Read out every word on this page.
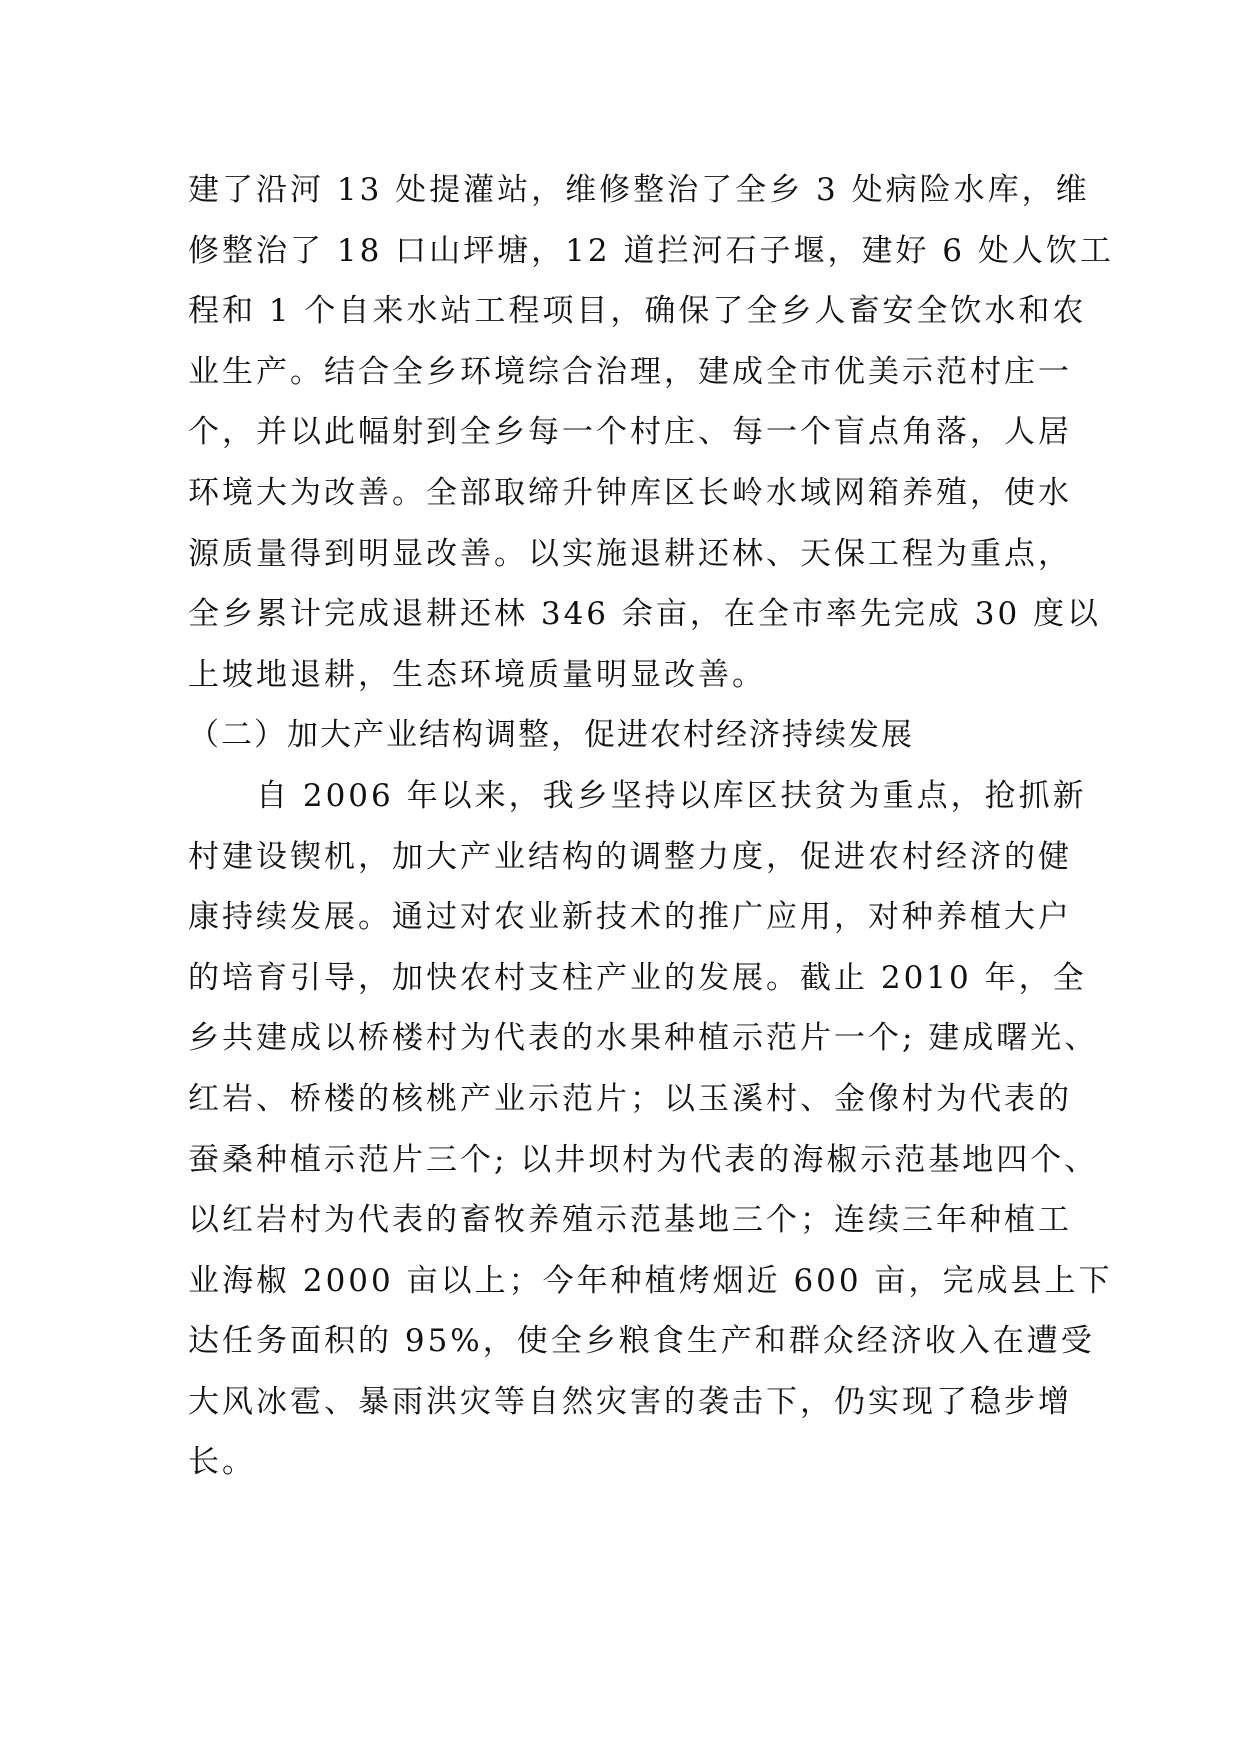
建了沿河 13 处提灌站，维修整治了全乡 3 处病险水库，维
修整治了 18 口山坪塘，12 道拦河石子堰，建好 6 处人饮工
程和 1 个自来水站工程项目，确保了全乡人畜安全饮水和农
业生产。结合全乡环境综合治理，建成全市优美示范村庄一
个，并以此幅射到全乡每一个村庄、每一个盲点角落，人居
环境大为改善。全部取缔升钟库区长岭水域网箱养殖，使水
源质量得到明显改善。以实施退耕还林、天保工程为重点，
全乡累计完成退耕还林 346 余亩，在全市率先完成 30 度以
上坡地退耕，生态环境质量明显改善。
（二）加大产业结构调整，促进农村经济持续发展
　　自 2006 年以来，我乡坚持以库区扶贫为重点，抢抓新
村建设锲机，加大产业结构的调整力度，促进农村经济的健
康持续发展。通过对农业新技术的推广应用，对种养植大户
的培育引导，加快农村支柱产业的发展。截止 2010 年，全
乡共建成以桥楼村为代表的水果种植示范片一个; 建成曙光、
红岩、桥楼的核桃产业示范片；以玉溪村、金像村为代表的
蚕桑种植示范片三个; 以井坝村为代表的海椒示范基地四个、
以红岩村为代表的畜牧养殖示范基地三个；连续三年种植工
业海椒 2000 亩以上；今年种植烤烟近 600 亩，完成县上下
达任务面积的 95%，使全乡粮食生产和群众经济收入在遭受
大风冰雹、暴雨洪灾等自然灾害的袭击下，仍实现了稳步增
长。
